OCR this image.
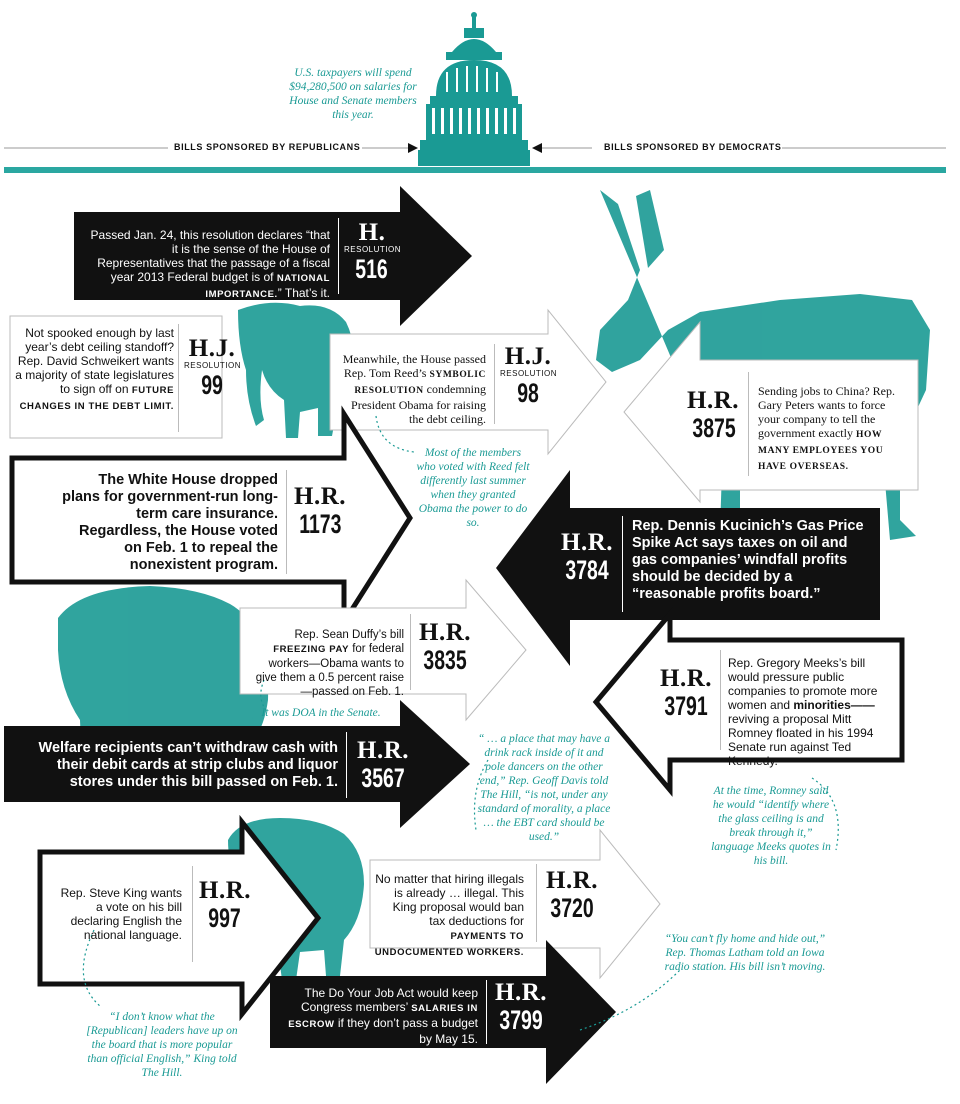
U.S. taxpayers will spend $94,280,500 on salaries for House and Senate members this year.
BILLS SPONSORED BY REPUBLICANS	BILLS SPONSORED BY DEMOCRATS
Passed Jan. 24, this resolution declares “that it is the sense of the House of Representatives that the passage of a fiscal year 2013 Federal budget is of NATIONAL IMPORTANCE.” That’s it.
H.
RESOLUTION
516
Not spooked enough by last year’s debt ceiling standoff? Rep. David Schweikert wants a majority of state legislatures to sign off on FUTURE CHANGES IN THE DEBT LIMIT.
H.J.
RESOLUTION
99
Meanwhile, the House passed Rep. Tom Reed’s SYMBOLIC RESOLUTION condemning President Obama for raising the debt ceiling.
H.J.
RESOLUTION
98	H.R.
3875
Sending jobs to China? Rep. Gary Peters wants to force your company to tell the government exactly HOW MANY EMPLOYEES YOU HAVE OVERSEAS.
The White House dropped plans for government-run long-term care insurance. Regardless, the House voted on Feb. 1 to repeal the nonexistent program.
H.R.
1173
H.R.
3784
Rep. Dennis Kucinich’s Gas Price Spike Act says taxes on oil and gas companies’ windfall profits should be decided by a “reasonable profits board.”
Rep. Sean Duffy’s bill FREEZING PAY for federal workers—Obama wants to give them a 0.5 percent raise—passed on Feb. 1.
H.R.
3835
H.R.
3791
Rep. Gregory Meeks’s bill would pressure public companies to promote more women and minorities—— reviving a proposal Mitt Romney floated in his 1994 Senate run against Ted Kennedy.
Welfare recipients can’t withdraw cash with their debit cards at strip clubs and liquor stores under this bill passed on Feb. 1.
H.R.
3567
Rep. Steve King wants a vote on his bill declaring English the national language.
H.R.
997
No matter that hiring illegals is already … illegal. This King proposal would ban tax deductions for PAYMENTS TO UNDOCUMENTED WORKERS.
H.R.
3720
The Do Your Job Act would keep Congress members’ SALARIES IN ESCROW if they don’t pass a budget by May 15.
H.R.
3799
Most of the members who voted with Reed felt differently last summer when they granted Obama the power to do so.
It was DOA in the Senate.
“ … a place that may have a drink rack inside of it and pole dancers on the other end,” Rep. Geoff Davis told The Hill, “is not, under any standard of morality, a place … the EBT card should be used.”
At the time, Romney said he would “identify where the glass ceiling is and break through it,” language Meeks quotes in his bill.
“You can’t fly home and hide out,” Rep. Thomas Latham told an Iowa radio station. His bill isn’t moving.
“I don’t know what the [Republican] leaders have up on the board that is more popular than official English,” King told The Hill.
